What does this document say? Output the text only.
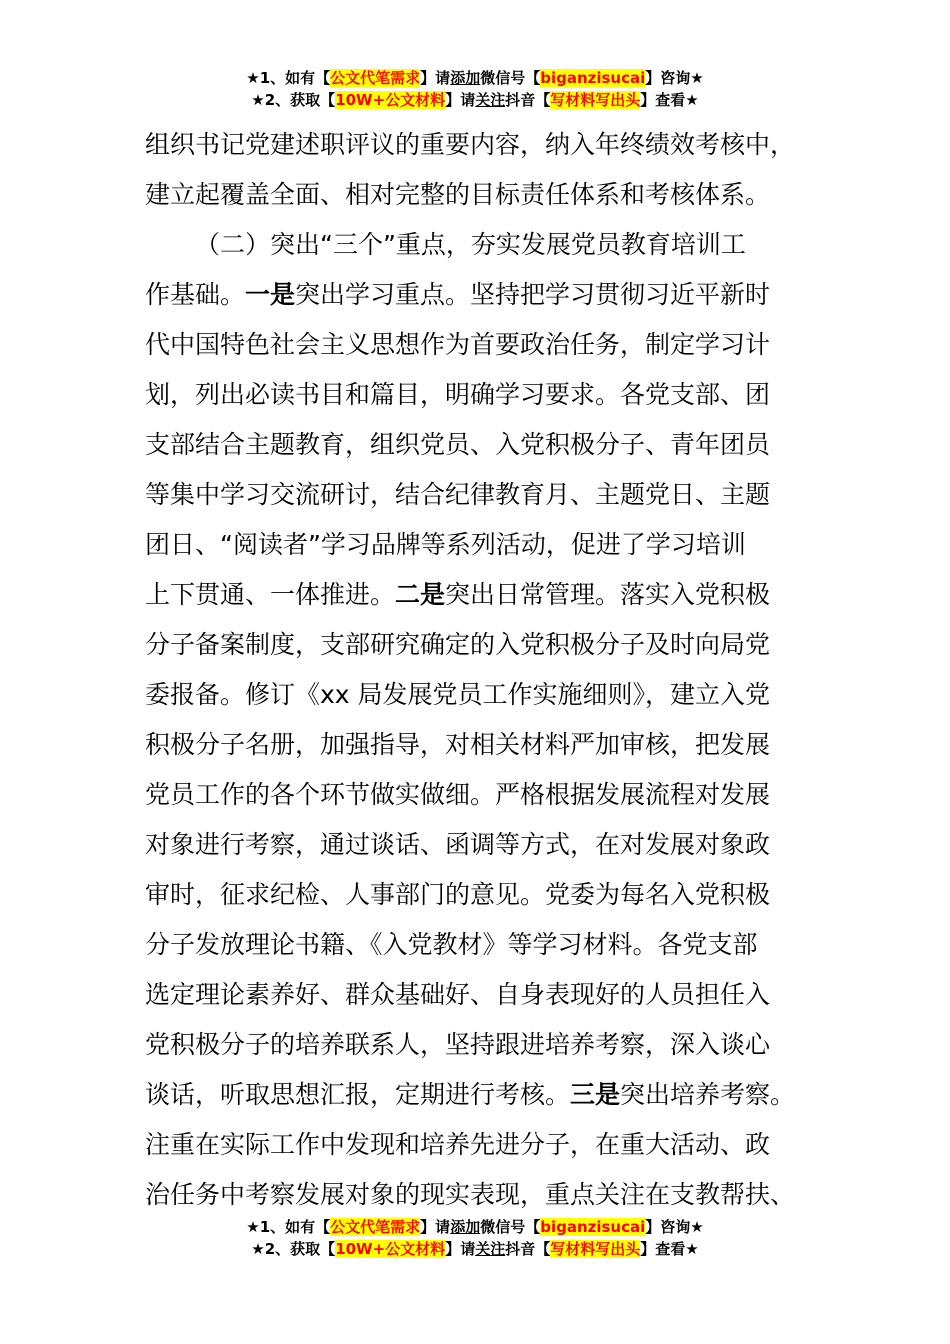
★1、如有【公文代笔需求】请添加微信号【biganzisucai】咨询★
★2、获取【10W+公文材料】请关注抖音【写材料写出头】查看★
组织书记党建述职评议的重要内容，纳入年终绩效考核中，
建立起覆盖全面、相对完整的目标责任体系和考核体系。
（二）突出“三个”重点，夯实发展党员教育培训工
作基础。一是突出学习重点。坚持把学习贯彻习近平新时
代中国特色社会主义思想作为首要政治任务，制定学习计
划，列出必读书目和篇目，明确学习要求。各党支部、团
支部结合主题教育，组织党员、入党积极分子、青年团员
等集中学习交流研讨，结合纪律教育月、主题党日、主题
团日、“阅读者”学习品牌等系列活动，促进了学习培训
上下贯通、一体推进。二是突出日常管理。落实入党积极
分子备案制度，支部研究确定的入党积极分子及时向局党
委报备。修订《xx 局发展党员工作实施细则》，建立入党
积极分子名册，加强指导，对相关材料严加审核，把发展
党员工作的各个环节做实做细。严格根据发展流程对发展
对象进行考察，通过谈话、函调等方式，在对发展对象政
审时，征求纪检、人事部门的意见。党委为每名入党积极
分子发放理论书籍、《入党教材》等学习材料。各党支部
选定理论素养好、群众基础好、自身表现好的人员担任入
党积极分子的培养联系人，坚持跟进培养考察，深入谈心
谈话，听取思想汇报，定期进行考核。三是突出培养考察。
注重在实际工作中发现和培养先进分子，在重大活动、政
治任务中考察发展对象的现实表现，重点关注在支教帮扶、
★1、如有【公文代笔需求】请添加微信号【biganzisucai】咨询★
★2、获取【10W+公文材料】请关注抖音【写材料写出头】查看★
